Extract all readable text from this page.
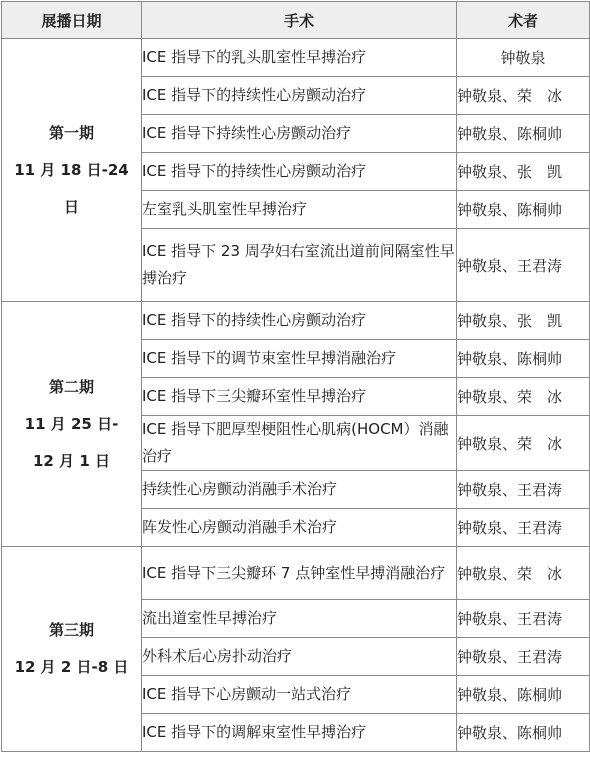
展播日期	手术	术者

第一期
11 月 18 日-24
日	ICE 指导下的乳头肌室性早搏治疗	钟敬泉
	ICE 指导下的持续性心房颤动治疗	钟敬泉、荣　冰
	ICE 指导下持续性心房颤动治疗	钟敬泉、陈桐帅
	ICE 指导下的持续性心房颤动治疗	钟敬泉、张　凯
	左室乳头肌室性早搏治疗	钟敬泉、陈桐帅
	ICE 指导下 23 周孕妇右室流出道前间隔室性早搏治疗	钟敬泉、王君涛

第二期
11 月 25 日-
12 月 1 日	ICE 指导下的持续性心房颤动治疗	钟敬泉、张　凯
	ICE 指导下的调节束室性早搏消融治疗	钟敬泉、陈桐帅
	ICE 指导下三尖瓣环室性早搏治疗	钟敬泉、荣　冰
	ICE 指导下肥厚型梗阻性心肌病(HOCM）消融治疗	钟敬泉、荣　冰
	持续性心房颤动消融手术治疗	钟敬泉、王君涛
	阵发性心房颤动消融手术治疗	钟敬泉、王君涛

第三期
12 月 2 日-8 日	ICE 指导下三尖瓣环 7 点钟室性早搏消融治疗	钟敬泉、荣　冰
	流出道室性早搏治疗	钟敬泉、王君涛
	外科术后心房扑动治疗	钟敬泉、王君涛
	ICE 指导下心房颤动一站式治疗	钟敬泉、陈桐帅
	ICE 指导下的调解束室性早搏治疗	钟敬泉、陈桐帅
